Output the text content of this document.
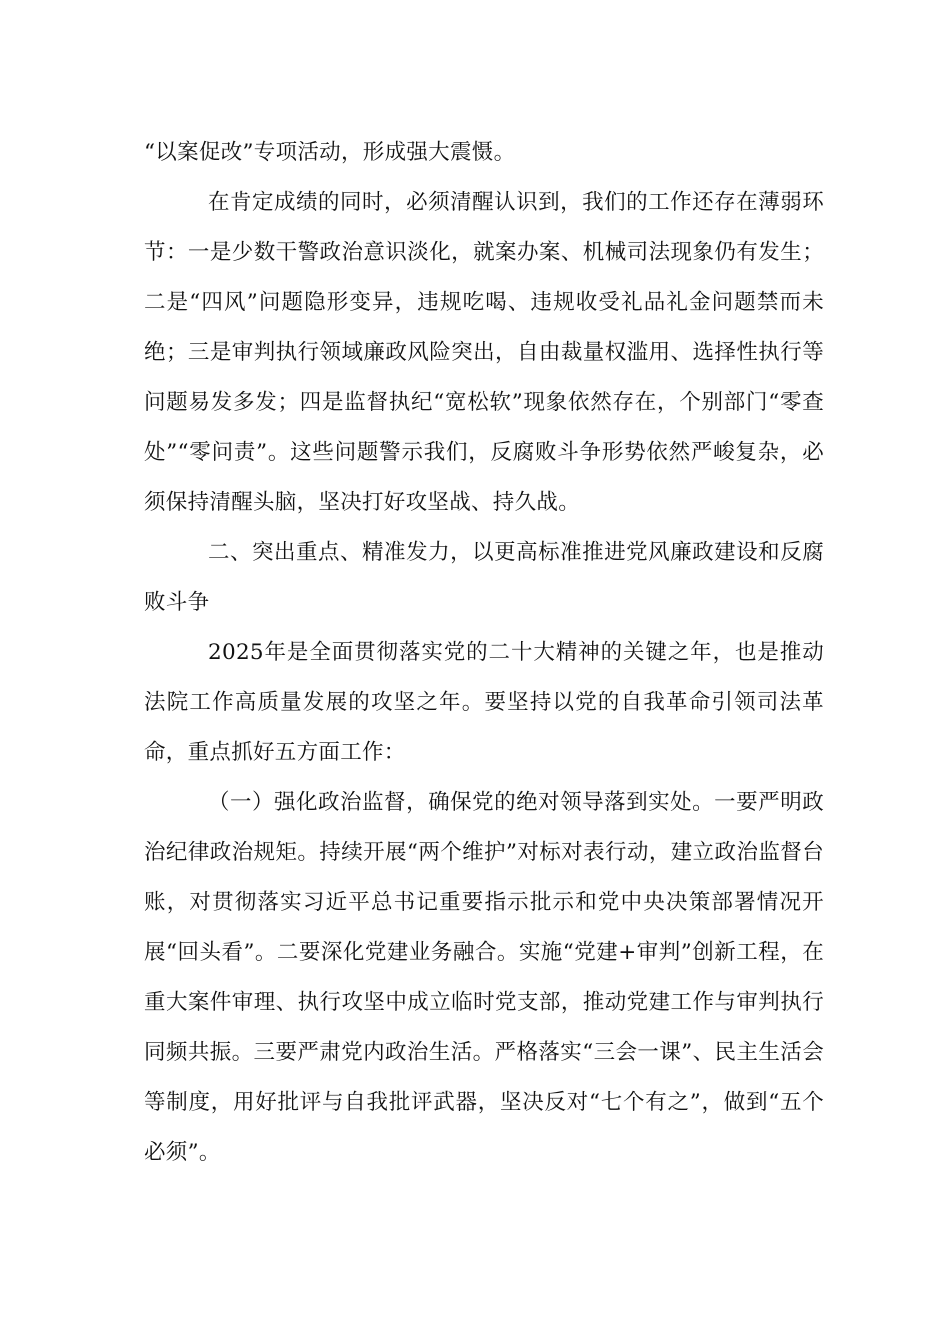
“以案促改”专项活动，形成强大震慑。

在肯定成绩的同时，必须清醒认识到，我们的工作还存在薄弱环节：一是少数干警政治意识淡化，就案办案、机械司法现象仍有发生；二是“四风”问题隐形变异，违规吃喝、违规收受礼品礼金问题禁而未绝；三是审判执行领域廉政风险突出，自由裁量权滥用、选择性执行等问题易发多发；四是监督执纪“宽松软”现象依然存在，个别部门“零查处”“零问责”。这些问题警示我们，反腐败斗争形势依然严峻复杂，必须保持清醒头脑，坚决打好攻坚战、持久战。

二、突出重点、精准发力，以更高标准推进党风廉政建设和反腐败斗争

2025年是全面贯彻落实党的二十大精神的关键之年，也是推动法院工作高质量发展的攻坚之年。要坚持以党的自我革命引领司法革命，重点抓好五方面工作：

（一）强化政治监督，确保党的绝对领导落到实处。一要严明政治纪律政治规矩。持续开展“两个维护”对标对表行动，建立政治监督台账，对贯彻落实习近平总书记重要指示批示和党中央决策部署情况开展“回头看”。二要深化党建业务融合。实施“党建+审判”创新工程，在重大案件审理、执行攻坚中成立临时党支部，推动党建工作与审判执行同频共振。三要严肃党内政治生活。严格落实“三会一课”、民主生活会等制度，用好批评与自我批评武器，坚决反对“七个有之”，做到“五个必须”。
